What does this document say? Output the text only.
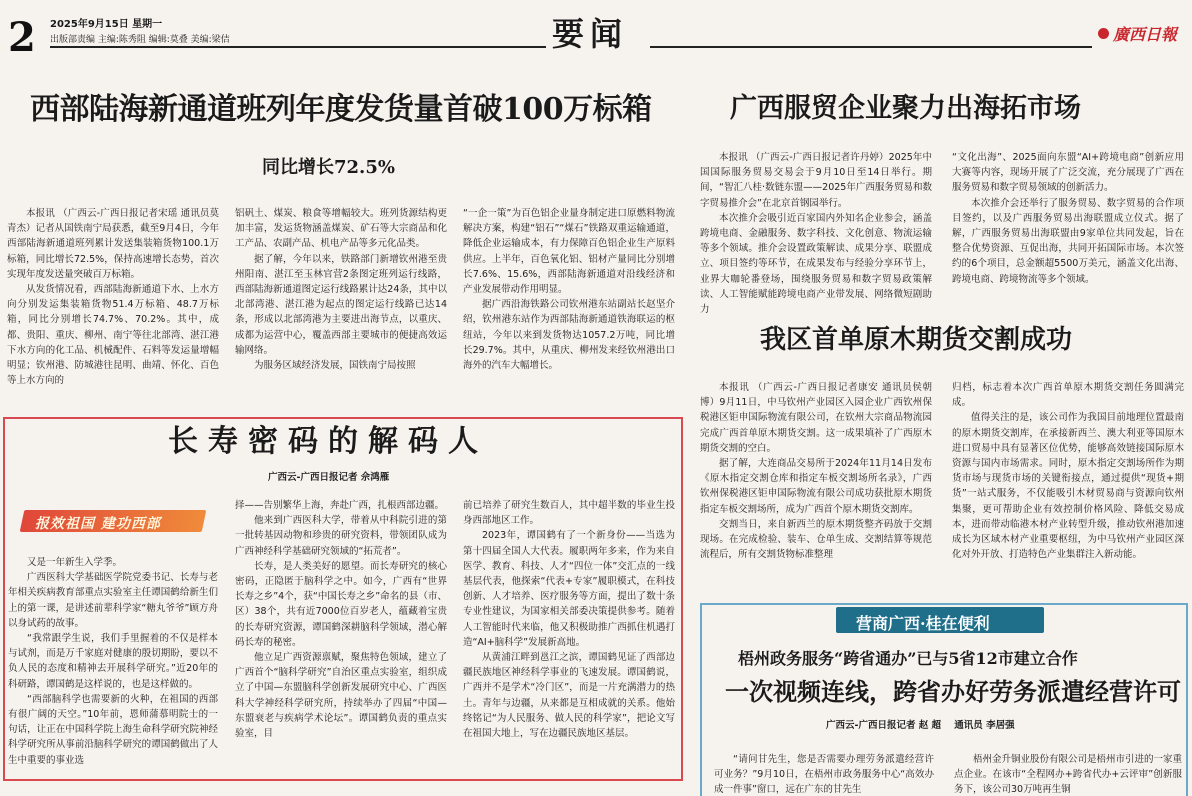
2 2025年9月15日 星期一
出版部责编 主编:陈秀阻 编辑:莫叠 美编:梁佶	要闻	廣西日報
西部陆海新通道班列年度发货量首破100万标箱
同比增长72.5%

本报讯 （广西云-广西日报记者宋瑶 通讯员莫青杰）记者从国铁南宁局获悉，截至9月4日，今年西部陆海新通道班列累计发送集装箱货物100.1万标箱，同比增长72.5%，保持高速增长态势，首次实现年度发送量突破百万标箱。

从发货情况看，西部陆海新通道下水、上水方向分别发运集装箱货物51.4万标箱、48.7万标箱，同比分别增长74.7%、70.2%。其中，成都、贵阳、重庆、柳州、南宁等往北部湾、湛江港下水方向的化工品、机械配件、石料等发运量增幅明显；钦州港、防城港往昆明、曲靖、怀化、百色等上水方向的

铝矾土、煤炭、粮食等增幅较大。班列货源结构更加丰富，发运货物涵盖煤炭、矿石等大宗商品和化工产品、农副产品、机电产品等多元化品类。

据了解，今年以来，铁路部门新增钦州港至贵州阳南、湛江至玉林官营2条图定班列运行线路，西部陆海新通道图定运行线路累计达24条，其中以北部湾港、湛江港为起点的图定运行线路已达14条，形成以北部湾港为主要进出海节点，以重庆、成都为运营中心，覆盖西部主要城市的便捷高效运输网络。

为服务区域经济发展，国铁南宁局按照

“一企一策”为百色铝企业量身制定进口原燃料物流解决方案，构建“铝石”“煤石”铁路双重运输通道，降低企业运输成本，有力保障百色铝企业生产原料供应。上半年，百色氧化铝、铝材产量同比分别增长7.6%、15.6%，西部陆海新通道对沿线经济和产业发展带动作用明显。

据广西沿海铁路公司钦州港东站副站长赵坚介绍，钦州港东站作为西部陆海新通道铁海联运的枢纽站，今年以来到发货物达1057.2万吨，同比增长29.7%。其中，从重庆、柳州发来经钦州港出口海外的汽车大幅增长。

广西服贸企业聚力出海拓市场

本报讯 （广西云-广西日报记者许丹婷）2025年中国国际服务贸易交易会于9月10日至14日举行。期间，“智汇八桂·数链东盟——2025年广西服务贸易和数字贸易推介会”在北京首钢园举行。

本次推介会吸引近百家国内外知名企业参会，涵盖跨境电商、金融服务、数字科技、文化创意、物流运输等多个领域。推介会设置政策解读、成果分享、联盟成立、项目签约等环节，在成果发布与经验分享环节上，业界大咖轮番登场，围绕服务贸易和数字贸易政策解读、人工智能赋能跨境电商产业带发展、网络微短剧助力

“文化出海”、2025面向东盟“AI+跨境电商”创新应用大赛等内容，现场开展了广泛交流，充分展现了广西在服务贸易和数字贸易领域的创新活力。

本次推介会还举行了服务贸易、数字贸易的合作项目签约，以及广西服务贸易出海联盟成立仪式。据了解，广西服务贸易出海联盟由9家单位共同发起，旨在整合优势资源、互促出海，共同开拓国际市场。本次签约的6个项目，总金额超5500万美元，涵盖文化出海、跨境电商、跨境物流等多个领域。

我区首单原木期货交割成功

本报讯 （广西云-广西日报记者康安 通讯员侯朝博）9月11日，中马钦州产业园区入园企业广西钦州保税港区钜申国际物流有限公司，在钦州大宗商品物流园完成广西首单原木期货交割。这一成果填补了广西原木期货交割的空白。

据了解，大连商品交易所于2024年11月14日发布《原木指定交割仓库和指定车板交割场所名录》，广西钦州保税港区钜申国际物流有限公司成功获批原木期货指定车板交割场所，成为广西首个原木期货交割库。

交割当日，来自新西兰的原木期货整齐码放于交割现场。在完成检验、装车、仓单生成、交割结算等规范流程后，所有交割货物标准整理

归档，标志着本次广西首单原木期货交割任务圆满完成。

值得关注的是，该公司作为我国目前地理位置最南的原木期货交割库，在承接新西兰、澳大利亚等国原木进口贸易中具有显著区位优势，能够高效链接国际原木资源与国内市场需求。同时，原木指定交割场所作为期货市场与现货市场的关键衔接点，通过提供“现货+期货”一站式服务，不仅能吸引木材贸易商与资源向钦州集聚，更可帮助企业有效控制价格风险、降低交易成本，进而带动临港木材产业转型升级，推动钦州港加速成长为区域木材产业重要枢纽，为中马钦州产业园区深化对外开放、打造特色产业集群注入新动能。

长寿密码的解码人
广西云-广西日报记者 佘鸿雁
报效祖国 建功西部

又是一年新生入学季。

广西医科大学基础医学院党委书记、长寿与老年相关疾病教育部重点实验室主任谭国鹤给新生们上的第一课，是讲述前辈科学家“糖丸爷爷”顾方舟以身试药的故事。

“我常跟学生说，我们手里握着的不仅是样本与试剂，而是万千家庭对健康的殷切期盼，要以不负人民的态度和精神去开展科学研究。”近20年的科研路，谭国鹤是这样说的，也是这样做的。

“西部脑科学也需要新的火种，在祖国的西部有很广阔的天空。”10年前，恩师蒲慕明院士的一句话，让正在中国科学院上海生命科学研究院神经科学研究所从事前沿脑科学研究的谭国鹤做出了人生中重要的事业选

择——告别繁华上海，奔赴广西，扎根西部边疆。

他来到广西医科大学，带着从中科院引进的第一批转基因动物和珍贵的研究资料，带领团队成为广西神经科学基础研究领域的“拓荒者”。

长寿，是人类美好的愿望。而长寿研究的核心密码，正隐匿于脑科学之中。如今，广西有“世界长寿之乡”4个，获“中国长寿之乡”命名的县（市、区）38个，共有近7000位百岁老人，蕴藏着宝贵的长寿研究资源，谭国鹤深耕脑科学领域，潜心解码长寿的秘密。

他立足广西资源禀赋，聚焦特色领域，建立了广西首个“脑科学研究”自治区重点实验室，组织成立了中国—东盟脑科学创新发展研究中心、广西医科大学神经科学研究所，持续举办了四届“中国—东盟衰老与疾病学术论坛”。谭国鹤负责的重点实验室，目

前已培养了研究生数百人，其中超半数的毕业生投身西部地区工作。

2023年，谭国鹤有了一个新身份——当选为第十四届全国人大代表。履职两年多来，作为来自医学、教育、科技、人才“四位一体”交汇点的一线基层代表，他探索“代表+专家”履职模式，在科技创新、人才培养、医疗服务等方面，提出了数十条专业性建议，为国家相关部委决策提供参考。随着人工智能时代来临，他又积极助推广西抓住机遇打造“AI+脑科学”发展新高地。

从黄浦江畔到邕江之滨，谭国鹤见证了西部边疆民族地区神经科学事业的飞速发展。谭国鹤说，广西并不是学术“冷门区”，而是一片充满潜力的热土。青年与边疆，从来都是互相成就的关系。他始终铭记“为人民服务、做人民的科学家”，把论文写在祖国大地上，写在边疆民族地区基层。

营商广西·桂在便利
梧州政务服务“跨省通办”已与5省12市建立合作
一次视频连线，跨省办好劳务派遣经营许可
广西云-广西日报记者 赵 超    通讯员 李居强

“请问甘先生，您是否需要办理劳务派遣经营许可业务？”9月10日，在梧州市政务服务中心“高效办成一件事”窗口，远在广东的甘先生

梧州金升铜业股份有限公司是梧州市引进的一家重点企业。在该市“全程网办+跨省代办+云评审”创新服务下，该公司30万吨再生铜
